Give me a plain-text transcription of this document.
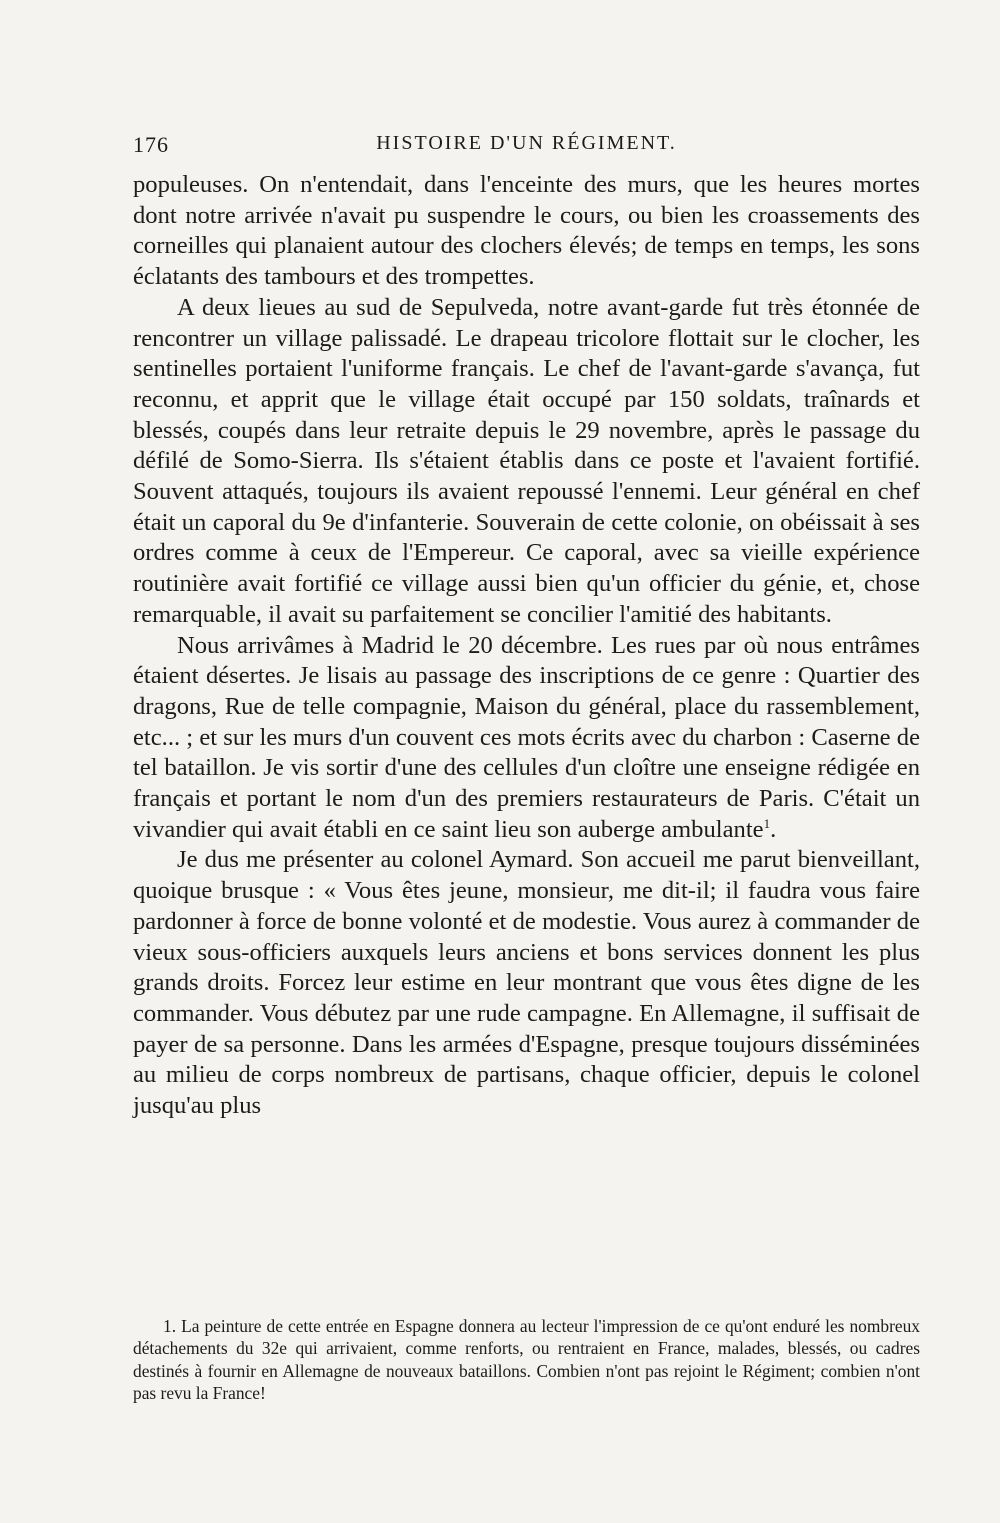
176	HISTOIRE D'UN RÉGIMENT.

populeuses. On n'entendait, dans l'enceinte des murs, que les heures mortes dont notre arrivée n'avait pu suspendre le cours, ou bien les croassements des corneilles qui planaient autour des clochers élevés; de temps en temps, les sons éclatants des tambours et des trompettes.

A deux lieues au sud de Sepulveda, notre avant-garde fut très étonnée de rencontrer un village palissadé. Le drapeau tricolore flottait sur le clocher, les sentinelles portaient l'uniforme français. Le chef de l'avant-garde s'avança, fut reconnu, et apprit que le village était occupé par 150 soldats, traînards et blessés, coupés dans leur retraite depuis le 29 novembre, après le passage du défilé de Somo-Sierra. Ils s'étaient établis dans ce poste et l'avaient fortifié. Souvent attaqués, toujours ils avaient repoussé l'ennemi. Leur général en chef était un caporal du 9e d'infanterie. Souverain de cette colonie, on obéissait à ses ordres comme à ceux de l'Empereur. Ce caporal, avec sa vieille expérience routinière avait fortifié ce village aussi bien qu'un officier du génie, et, chose remarquable, il avait su parfaitement se concilier l'amitié des habitants.

Nous arrivâmes à Madrid le 20 décembre. Les rues par où nous entrâmes étaient désertes. Je lisais au passage des inscriptions de ce genre : Quartier des dragons, Rue de telle compagnie, Maison du général, place du rassemblement, etc... ; et sur les murs d'un couvent ces mots écrits avec du charbon : Caserne de tel bataillon. Je vis sortir d'une des cellules d'un cloître une enseigne rédigée en français et portant le nom d'un des premiers restaurateurs de Paris. C'était un vivandier qui avait établi en ce saint lieu son auberge ambulante$^1$.

Je dus me présenter au colonel Aymard. Son accueil me parut bienveillant, quoique brusque : « Vous êtes jeune, monsieur, me dit-il; il faudra vous faire pardonner à force de bonne volonté et de modestie. Vous aurez à commander de vieux sous-officiers auxquels leurs anciens et bons services donnent les plus grands droits. Forcez leur estime en leur montrant que vous êtes digne de les commander. Vous débutez par une rude campagne. En Allemagne, il suffisait de payer de sa personne. Dans les armées d'Espagne, presque toujours disséminées au milieu de corps nombreux de partisans, chaque officier, depuis le colonel jusqu'au plus

1. La peinture de cette entrée en Espagne donnera au lecteur l'impression de ce qu'ont enduré les nombreux détachements du 32e qui arrivaient, comme renforts, ou rentraient en France, malades, blessés, ou cadres destinés à fournir en Allemagne de nouveaux bataillons. Combien n'ont pas rejoint le Régiment; combien n'ont pas revu la France!
